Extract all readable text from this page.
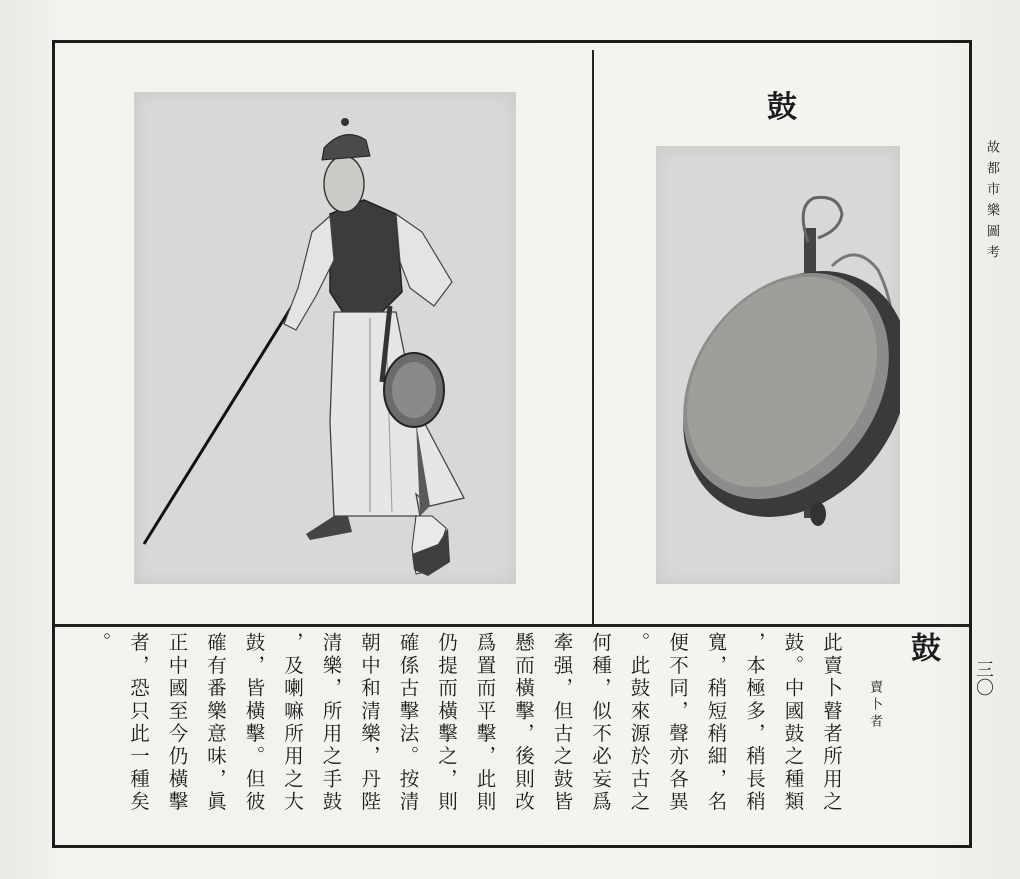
鼓
故都市樂圖考
三〇
鼓
此賣卜瞽者所用之
鼓。中國鼓之種類
，本極多，稍長稍
寬，稍短稍細，名
便不同，聲亦各異
。此鼓來源於古之
何種，似不必妄爲
牽强，但古之鼓皆
懸而橫擊，後則改
爲置而平擊，此則
仍提而橫擊之，則
確係古擊法。按清
朝中和清樂，丹陛
清樂，所用之手鼓
，及喇嘛所用之大
鼓，皆橫擊。但彼
確有番樂意味，眞
正中國至今仍橫擊
者，恐只此一種矣
。
賣卜者
